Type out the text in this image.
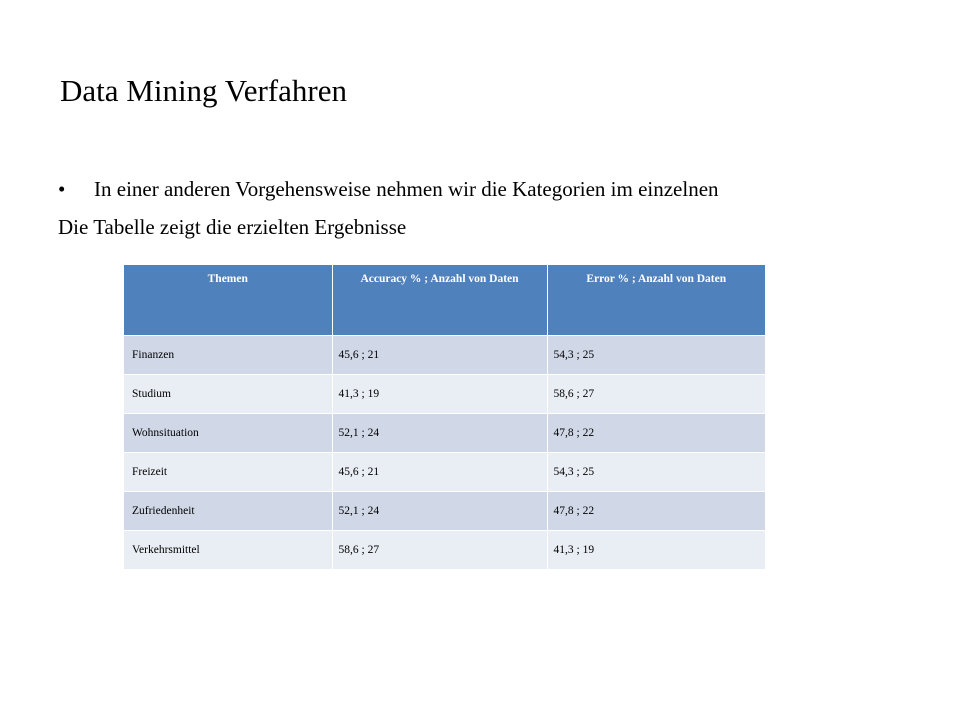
Data Mining Verfahren
• In einer anderen Vorgehensweise nehmen wir die Kategorien im einzelnen
Die Tabelle zeigt die erzielten Ergebnisse
Themen	Accuracy % ; Anzahl von Daten	Error % ; Anzahl von Daten
Finanzen	45,6 ; 21	54,3 ; 25
Studium	41,3 ; 19	58,6 ; 27
Wohnsituation	52,1 ; 24	47,8 ; 22
Freizeit	45,6 ; 21	54,3 ; 25
Zufriedenheit	52,1 ; 24	47,8 ; 22
Verkehrsmittel	58,6 ; 27	41,3 ; 19
